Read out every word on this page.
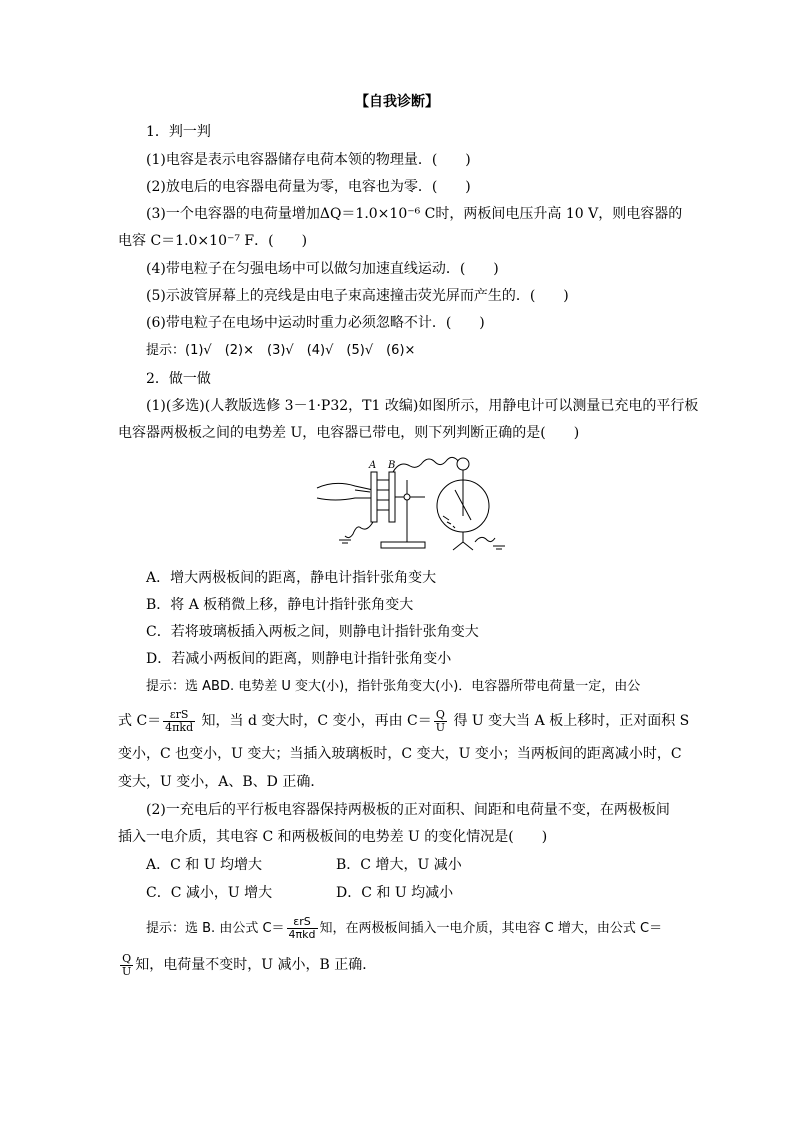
【自我诊断】
1．判一判
(1)电容是表示电容器储存电荷本领的物理量．(　　)
(2)放电后的电容器电荷量为零，电容也为零．(　　)
(3)一个电容器的电荷量增加ΔQ＝1.0×10⁻⁶ C时，两板间电压升高 10 V，则电容器的
电容 C＝1.0×10⁻⁷ F．(　　)
(4)带电粒子在匀强电场中可以做匀加速直线运动．(　　)
(5)示波管屏幕上的亮线是由电子束高速撞击荧光屏而产生的．(　　)
(6)带电粒子在电场中运动时重力必须忽略不计．(　　)
提示：(1)√　(2)×　(3)√　(4)√　(5)√　(6)×
2．做一做
(1)(多选)(人教版选修 3－1·P32，T1 改编)如图所示，用静电计可以测量已充电的平行板
电容器两极板之间的电势差 U，电容器已带电，则下列判断正确的是(　　)
A B
A．增大两极板间的距离，静电计指针张角变大
B．将 A 板稍微上移，静电计指针张角变大
C．若将玻璃板插入两板之间，则静电计指针张角变大
D．若减小两板间的距离，则静电计指针张角变小
提示：选 ABD. 电势差 U 变大(小)，指针张角变大(小)．电容器所带电荷量一定，由公
式 $C= \frac{\text{εrS}}{\text{4πkd}}$ 知，当 d 变大时，C 变小，再由 $C= \frac{Q}{U}$ 得 U 变大当 A 板上移时，正对面积 S
变小，C 也变小，U 变大；当插入玻璃板时，C 变大，U 变小；当两板间的距离减小时，C
变大，U 变小，A、B、D 正确．
(2)一充电后的平行板电容器保持两极板的正对面积、间距和电荷量不变，在两极板间
插入一电介质，其电容 C 和两极板间的电势差 U 的变化情况是(　　)
A．C 和 U 均增大	B．C 增大，U 减小
C．C 减小，U 增大	D．C 和 U 均减小
提示：选 B. 由公式 $C= \frac{\text{εrS}}{\text{4πkd}}$ 知，在两极板间插入一电介质，其电容 C 增大，由公式 C＝
$\frac{Q}{U}$ 知，电荷量不变时，U 减小，B 正确．
